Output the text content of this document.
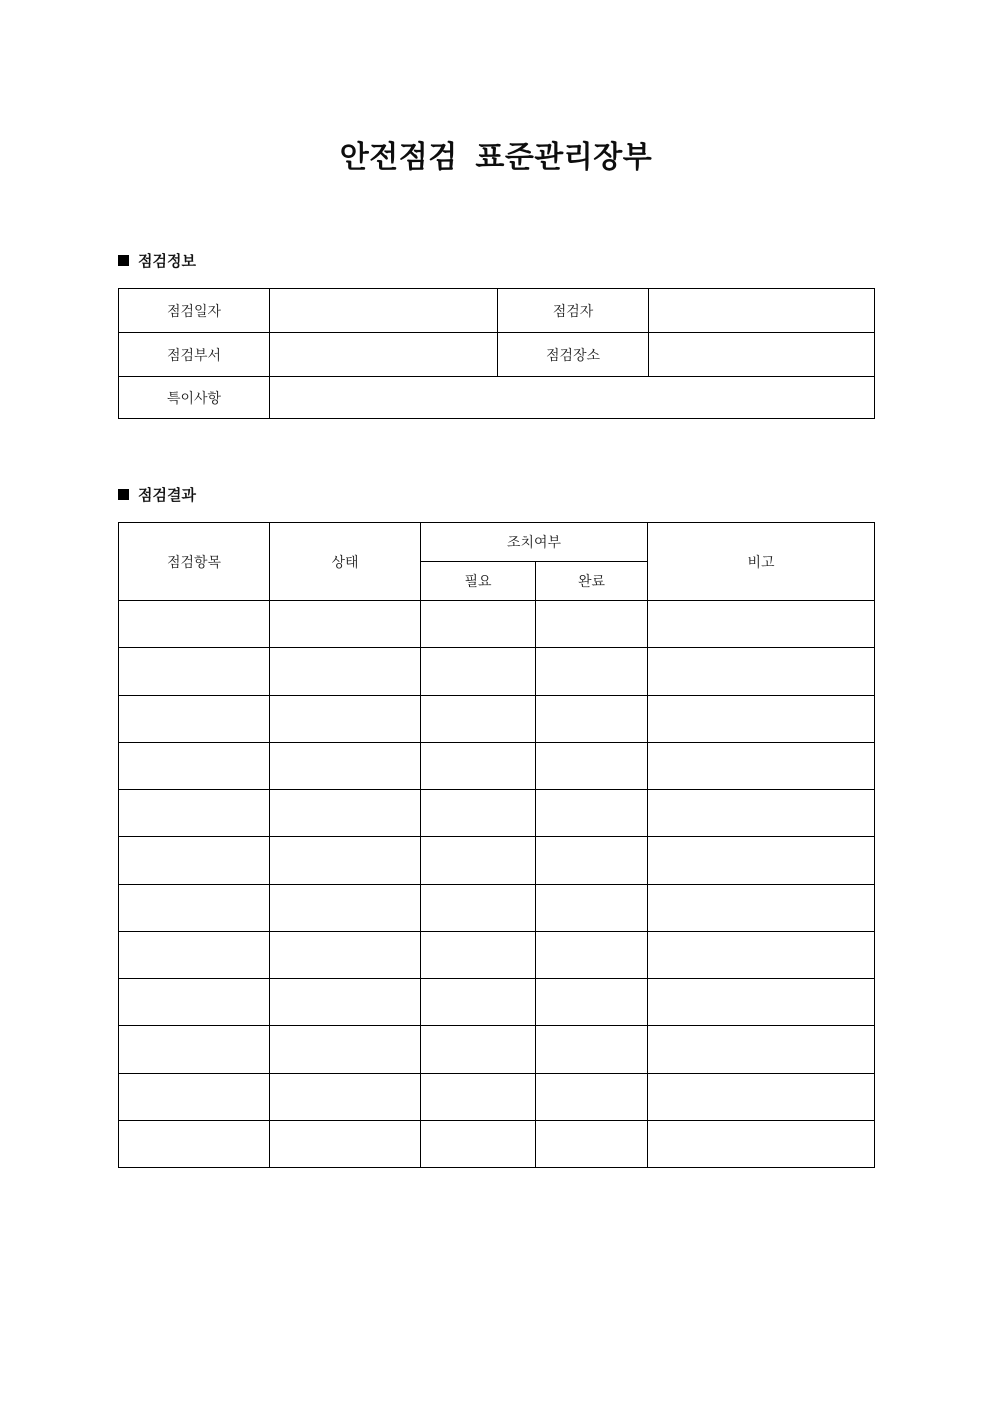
안전점검  표준관리장부
점검정보
점검일자		점검자	
점검부서		점검장소	
특이사항			
점검결과
점검항목	상태	조치여부		비고
		필요	완료	
